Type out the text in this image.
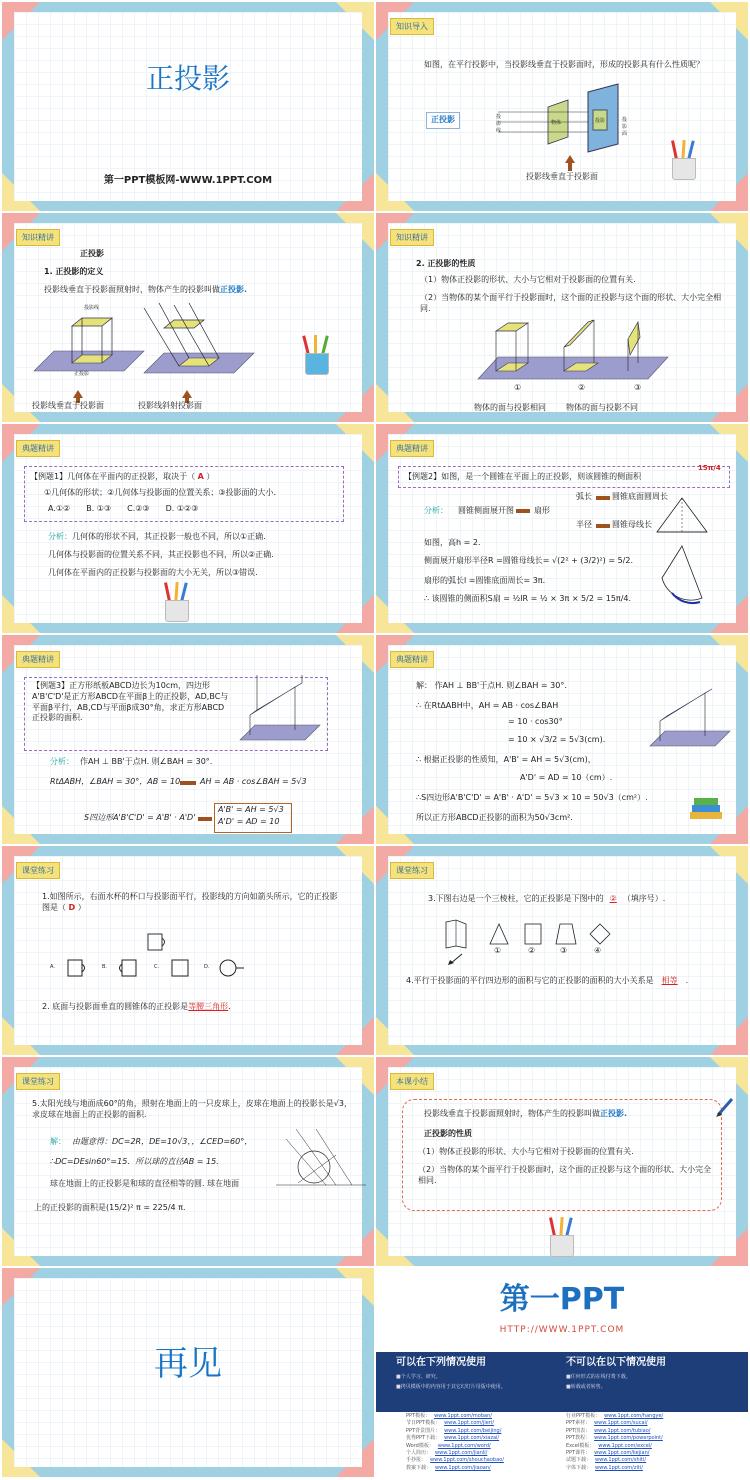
正投影
第一PPT模板网-WWW.1PPT.COM
知识导入
如图，在平行投影中，当投影线垂直于投影面时，形成的投影具有什么性质呢？
正投影	投影线
物体	投影	投影面
投影线垂直于投影面
知识精讲
正投影
1. 正投影的定义
投影线垂直于投影面照射时，物体产生的投影叫做正投影.
投影线
正投影
投影线垂直于投影面	投影线斜射投影面
知识精讲
2. 正投影的性质
（1）物体正投影的形状、大小与它相对于投影面的位置有关.
（2）当物体的某个面平行于投影面时，这个面的正投影与这个面的形状、大小完全相同.
①	②	③
物体的面与投影相同	物体的面与投影不同
典题精讲
【例题1】几何体在平面内的正投影，取决于（ A ）
①几何体的形状；②几何体与投影面的位置关系；③投影面的大小.
A.①②　　B. ①③　　C.②③　　D. ①②③
分析：几何体的形状不同，其正投影一般也不同，所以①正确.
几何体与投影面的位置关系不同，其正投影也不同，所以②正确.
几何体在平面内的正投影与投影面的大小无关，所以③错误.
典题精讲
【例题2】如图，是一个圆锥在平面上的正投影，则该圆锥的侧面积
15π/4
分析： 圆锥侧面展开图	扇形
弧长	圆锥底面圆周长
半径	圆锥母线长
如图，高h = 2.
侧面展开扇形半径R =圆锥母线长= √(2² + (3/2)²) = 5/2.
扇形的弧长l =圆锥底面周长= 3π.
∴ 该圆锥的侧面积S扇 = ½lR = ½ × 3π × 5/2 = 15π/4.
典题精讲
【例题3】正方形纸板ABCD边长为10cm，四边形A'B'C'D'是正方形ABCD在平面β上的正投影，AD,BC与平面β平行，AB,CD与平面β成30°角，求正方形ABCD正投影的面积.
分析： 作AH ⊥ BB'于点H. 则∠BAH = 30°.
RtΔABH，∠BAH = 30°，AB = 10 AH = AB · cos∠BAH = 5√3
S四边形A'B'C'D' = A'B' · A'D'
A'B' = AH = 5√3
A'D' = AD = 10
典题精讲
解： 作AH ⊥ BB'于点H. 则∠BAH = 30°.
∴ 在RtΔABH中，AH = AB · cos∠BAH
= 10 · cos30°
= 10 × √3/2 = 5√3(cm).
∴ 根据正投影的性质知，A'B' = AH = 5√3(cm)，
A'D' = AD = 10（cm）.
∴S四边形A'B'C'D' = A'B' · A'D' = 5√3 × 10 = 50√3（cm²）.
所以正方形ABCD正投影的面积为50√3cm².
课堂练习
1.如图所示，右面水杯的杯口与投影面平行，投影线的方向如箭头所示，它的正投影图是（ D ）
A.	B.	C.	D.
2. 底面与投影面垂直的圆锥体的正投影是等腰三角形.
课堂练习
3.下图右边是一个三棱柱，它的正投影是下图中的 ② （填序号）.
①	②	③	④
4.平行于投影面的平行四边形的面积与它的正投影的面积的大小关系是 相等 .
课堂练习
5.太阳光线与地面成60°的角，照射在地面上的一只皮球上，皮球在地面上的投影长是√3，求皮球在地面上的正投影的面积.
解： 由题意得：DC=2R，DE=10√3，，∠CED=60°，
∴DC=DEsin60°=15．所以球的直径AB = 15.
球在地面上的正投影是和球的直径相等的圆. 球在地面
上的正投影的面积是(15/2)² π = 225/4 π.
本课小结
投影线垂直于投影面照射时，物体产生的投影叫做正投影.
正投影的性质
（1）物体正投影的形状、大小与它相对于投影面的位置有关.
（2）当物体的某个面平行于投影面时，这个面的正投影与这个面的形状、大小完全相同.
再见
第一PPT
HTTP://WWW.1PPT.COM
可以在下列情况使用	不可以在以下情况使用
■个人学习、研究。
■拷贝模板中的内容用于其它幻灯片母版中使用。
■任何形式的在线付费下载。
■转载或者转售。
PPT模板： www.1ppt.com/moban/
节日PPT模板： www.1ppt.com/jieri/
PPT背景图片： www.1ppt.com/beijing/
优秀PPT下载： www.1ppt.com/xiazai/
Word模板： www.1ppt.com/word/
个人简历： www.1ppt.com/jianli/
手抄报： www.1ppt.com/shouchaobao/
教案下载： www.1ppt.com/jiaoan/
行业PPT模板： www.1ppt.com/hangye/
PPT素材： www.1ppt.com/sucai/
PPT图表： www.1ppt.com/tubiao/
PPT教程： www.1ppt.com/powerpoint/
Excel模板： www.1ppt.com/excel/
PPT课件： www.1ppt.com/kejian/
试题下载： www.1ppt.com/shiti/
字体下载： www.1ppt.com/ziti/
